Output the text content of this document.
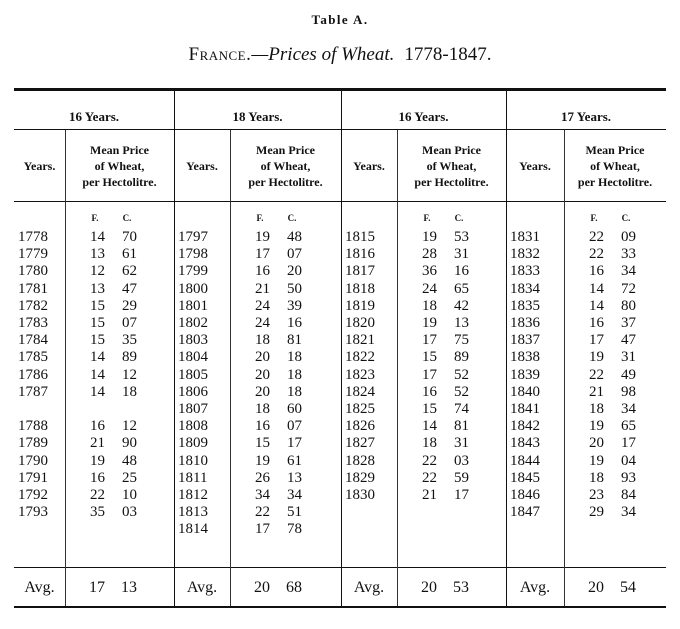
Table A.
France.—Prices of Wheat. 1778-1847.
16 Years.
Years.
Mean Price
of Wheat,
per Hectolitre.
F.	C.
1778	14	70
1779	13	61
1780	12	62
1781	13	47
1782	15	29
1783	15	07
1784	15	35
1785	14	89
1786	14	12
1787	14	18
1788	16	12
1789	21	90
1790	19	48
1791	16	25
1792	22	10
1793	35	03
Avg.	17	13
18 Years.
Years.
Mean Price
of Wheat,
per Hectolitre.
F.	C.
1797	19	48
1798	17	07
1799	16	20
1800	21	50
1801	24	39
1802	24	16
1803	18	81
1804	20	18
1805	20	18
1806	20	18
1807	18	60
1808	16	07
1809	15	17
1810	19	61
1811	26	13
1812	34	34
1813	22	51
1814	17	78
Avg.	20	68
16 Years.
Years.
Mean Price
of Wheat,
per Hectolitre.
F.	C.
1815	19	53
1816	28	31
1817	36	16
1818	24	65
1819	18	42
1820	19	13
1821	17	75
1822	15	89
1823	17	52
1824	16	52
1825	15	74
1826	14	81
1827	18	31
1828	22	03
1829	22	59
1830	21	17
Avg.	20	53
17 Years.
Years.
Mean Price
of Wheat,
per Hectolitre.
F.	C.
1831	22	09
1832	22	33
1833	16	34
1834	14	72
1835	14	80
1836	16	37
1837	17	47
1838	19	31
1839	22	49
1840	21	98
1841	18	34
1842	19	65
1843	20	17
1844	19	04
1845	18	93
1846	23	84
1847	29	34
Avg.	20	54
